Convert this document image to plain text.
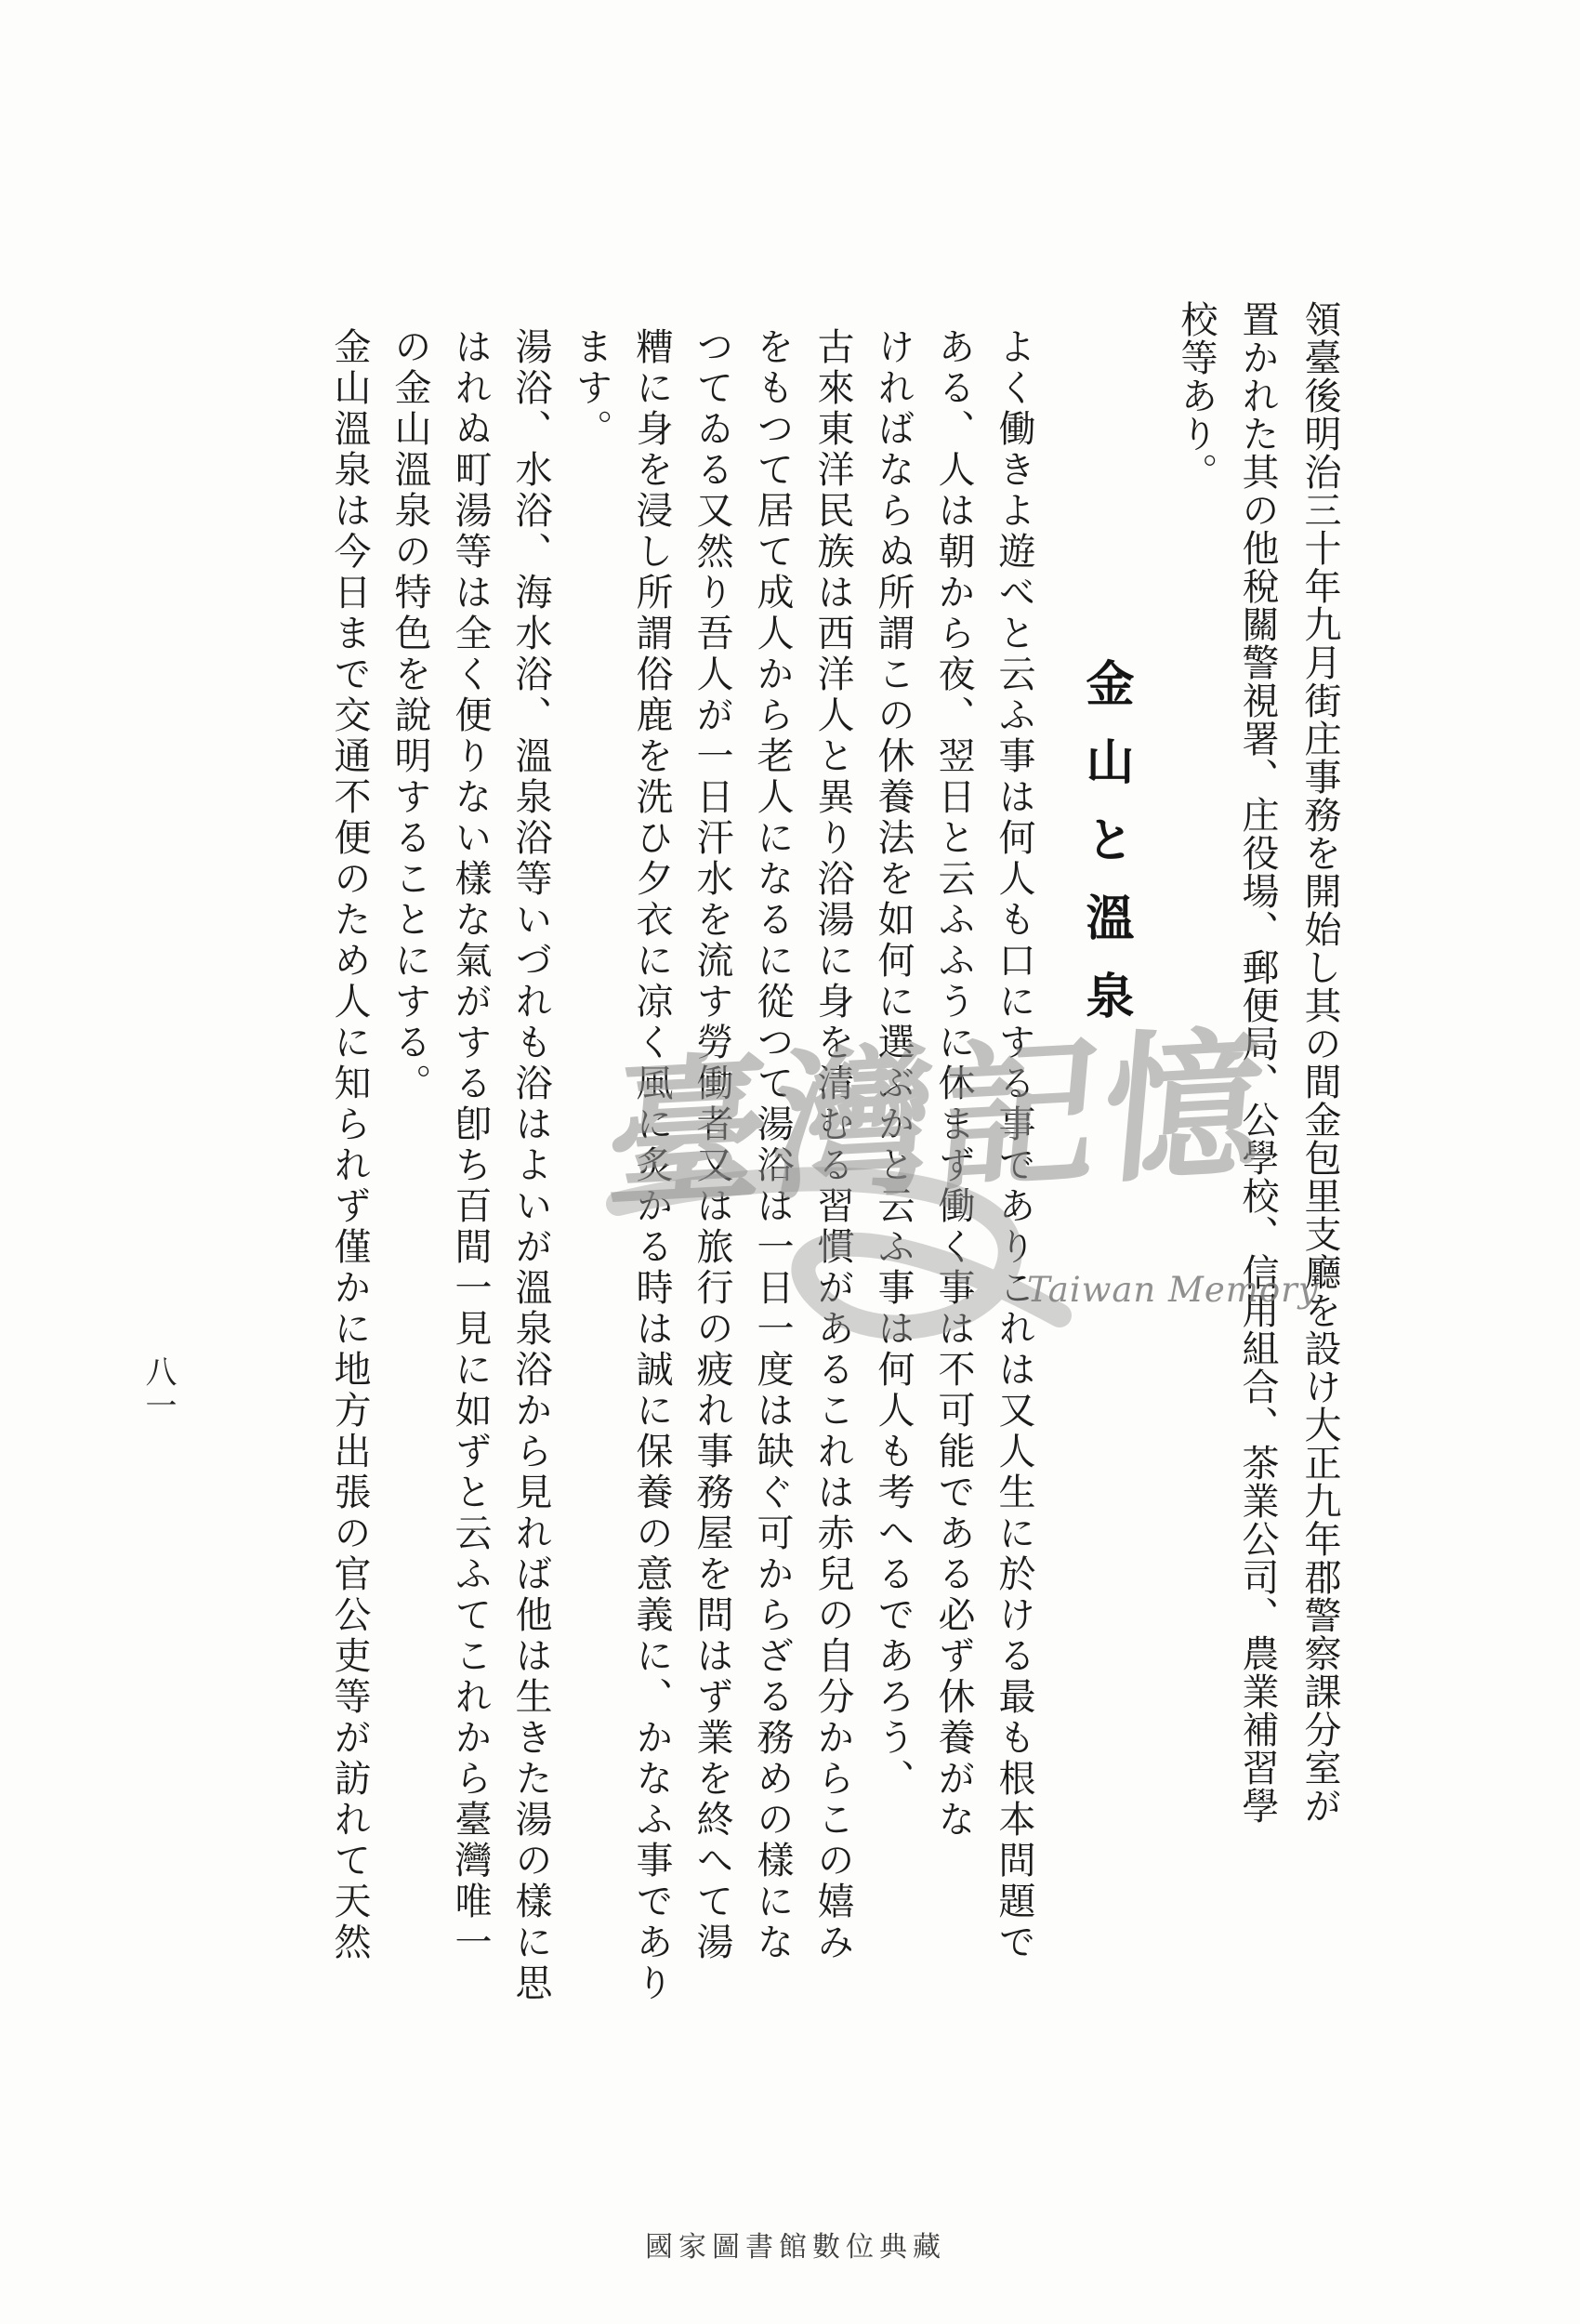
領臺後明治三十年九月街庄事務を開始し其の間金包里支廳を設け大正九年郡警察課分室が
置かれた其の他稅關警視署、庄役場、郵便局、公學校、信用組合、茶業公司、農業補習學
校等あり。
金山と溫泉
よく働きよ遊べと云ふ事は何人も口にする事でありこれは又人生に於ける最も根本問題で
ある、人は朝から夜、翌日と云ふふうに休まず働く事は不可能である必ず休養がな
ければならぬ所謂この休養法を如何に選ぶかと云ふ事は何人も考へるであろう、
古來東洋民族は西洋人と異り浴湯に身を清むる習慣があるこれは赤兒の自分からこの嬉み
をもつて居て成人から老人になるに從つて湯浴は一日一度は缺ぐ可からざる務めの樣にな
つてゐる又然り吾人が一日汗水を流す勞働者又は旅行の疲れ事務屋を問はず業を終へて湯
糟に身を浸し所謂俗鹿を洗ひ夕衣に凉く風に炙かる時は誠に保養の意義に、かなふ事であり
ます。
湯浴、水浴、海水浴、溫泉浴等いづれも浴はよいが溫泉浴から見れば他は生きた湯の樣に思
はれぬ町湯等は全く便りない樣な氣がする卽ち百間一見に如ずと云ふてこれから臺灣唯一
の金山溫泉の特色を說明することにする。
金山溫泉は今日まで交通不便のため人に知られず僅かに地方出張の官公吏等が訪れて天然
八一
臺灣記憶
Taiwan Memory
國家圖書館數位典藏
